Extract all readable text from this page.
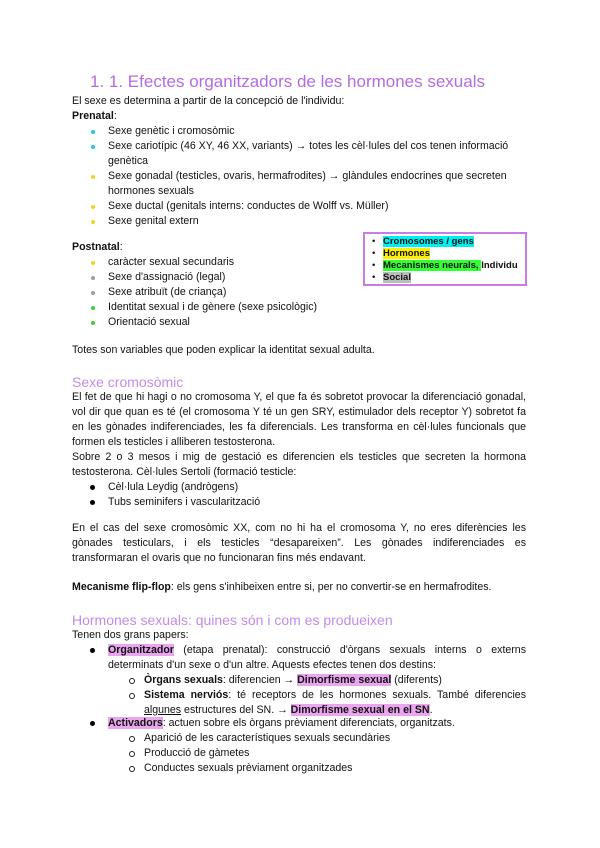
1. 1. Efectes organitzadors de les hormones sexuals
El sexe es determina a partir de la concepció de l'individu:
Prenatal:
Sexe genètic i cromosòmic
Sexe cariotípic (46 XY, 46 XX, variants) → totes les cèl·lules del cos tenen informació genètica
Sexe gonadal (testicles, ovaris, hermafrodites) → glàndules endocrines que secreten hormones sexuals
Sexe ductal (genitals interns: conductes de Wolff vs. Müller)
Sexe genital extern
Postnatal:
caràcter sexual secundaris
Sexe d'assignació (legal)
Sexe atribuït (de criança)
Identitat sexual i de gènere (sexe psicològic)
Orientació sexual
• Cromosomes / gens
• Hormones
• Mecanismes neurals, Individu
• Social
Totes son variables que poden explicar la identitat sexual adulta.
Sexe cromosòmic
El fet de que hi hagi o no cromosoma Y, el que fa és sobretot provocar la diferenciació gonadal, vol dir que quan es té (el cromosoma Y té un gen SRY, estimulador dels receptor Y) sobretot fa en les gònades indiferenciades, les fa diferencials. Les transforma en cèl·lules funcionals que formen els testicles i alliberen testosterona.
Sobre 2 o 3 mesos i mig de gestació es diferencien els testicles que secreten la hormona testosterona. Cèl·lules Sertoli (formació testicle:
Cèl·lula Leydig (andrògens)
Tubs seminifers i vascularització
En el cas del sexe cromosòmic XX, com no hi ha el cromosoma Y, no eres diferències les gònades testiculars, i els testicles “desapareixen”. Les gònades indiferenciades es transformaran el ovaris que no funcionaran fins més endavant.
Mecanisme flip-flop: els gens s'inhibeixen entre si, per no convertir-se en hermafrodites.
Hormones sexuals: quines són i com es produeixen
Tenen dos grans papers:
Organitzador (etapa prenatal): construcció d'òrgans sexuals interns o externs determinats d'un sexe o d'un altre. Aquests efectes tenen dos destins:
Òrgans sexuals: diferencien → Dimorfisme sexual (diferents)
Sistema nerviós: té receptors de les hormones sexuals. També diferencies algunes estructures del SN. → Dimorfisme sexual en el SN.
Activadors: actuen sobre els òrgans prèviament diferenciats, organitzats.
Aparició de les característiques sexuals secundàries
Producció de gàmetes
Conductes sexuals prèviament organitzades
